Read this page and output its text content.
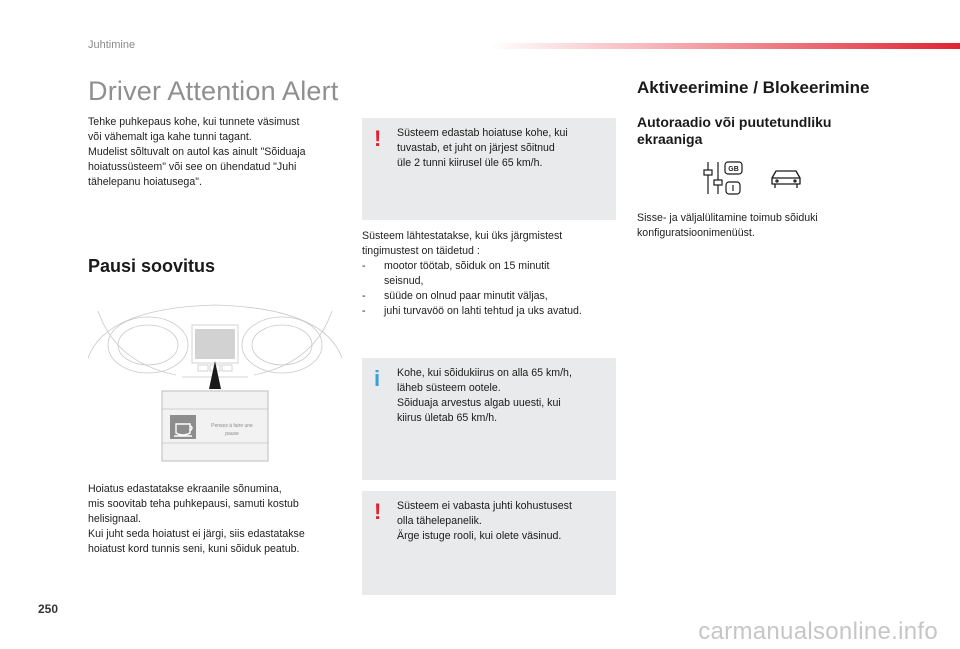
Juhtimine
Driver Attention Alert
Tehke puhkepaus kohe, kui tunnete väsimust
või vähemalt iga kahe tunni tagant.
Mudelist sõltuvalt on autol kas ainult "Sõiduaja
hoiatussüsteem" või see on ühendatud "Juhi
tähelepanu hoiatusega".
Pausi soovitus
Pensez à faire une
pause
Hoiatus edastatakse ekraanile sõnumina,
mis soovitab teha puhkepausi, samuti kostub
helisignaal.
Kui juht seda hoiatust ei järgi, siis edastatakse
hoiatust kord tunnis seni, kuni sõiduk peatub.
! Süsteem edastab hoiatuse kohe, kui
tuvastab, et juht on järjest sõitnud
üle 2 tunni kiirusel üle 65 km/h.
Süsteem lähtestatakse, kui üks järgmistest
tingimustest on täidetud :
- mootor töötab, sõiduk on 15 minutit
seisnud,
- süüde on olnud paar minutit väljas,
- juhi turvavöö on lahti tehtud ja uks avatud.
i Kohe, kui sõidukiirus on alla 65 km/h,
läheb süsteem ootele.
Sõiduaja arvestus algab uuesti, kui
kiirus ületab 65 km/h.
! Süsteem ei vabasta juhti kohustusest
olla tähelepanelik.
Ärge istuge rooli, kui olete väsinud.
Aktiveerimine / Blokeerimine
Autoraadio või puutetundliku
ekraaniga
GB
I
Sisse- ja väljalülitamine toimub sõiduki
konfiguratsioonimenüüst.
250
carmanualsonline.info
